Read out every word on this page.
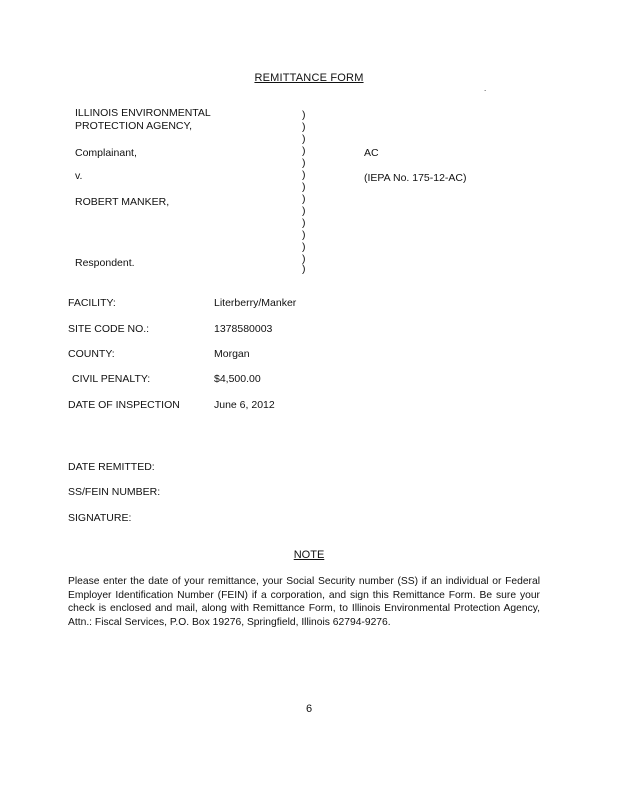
REMITTANCE FORM
.
ILLINOIS ENVIRONMENTAL
PROTECTION AGENCY,
Complainant,
v.
ROBERT MANKER,
Respondent.
)
)
)
)
)
)
)
)
)
)
)
)
)
)
AC
(IEPA No. 175-12-AC)
FACILITY:	Literberry/Manker
SITE CODE NO.:	1378580003
COUNTY:	Morgan
CIVIL PENALTY:	$4,500.00
DATE OF INSPECTION	June 6, 2012
DATE REMITTED:
SS/FEIN NUMBER:
SIGNATURE:
NOTE
Please enter the date of your remittance, your Social Security number (SS) if an individual or Federal Employer Identification Number (FEIN) if a corporation, and sign this Remittance Form. Be sure your check is enclosed and mail, along with Remittance Form, to Illinois Environmental Protection Agency, Attn.: Fiscal Services, P.O. Box 19276, Springfield, Illinois 62794-9276.
6
